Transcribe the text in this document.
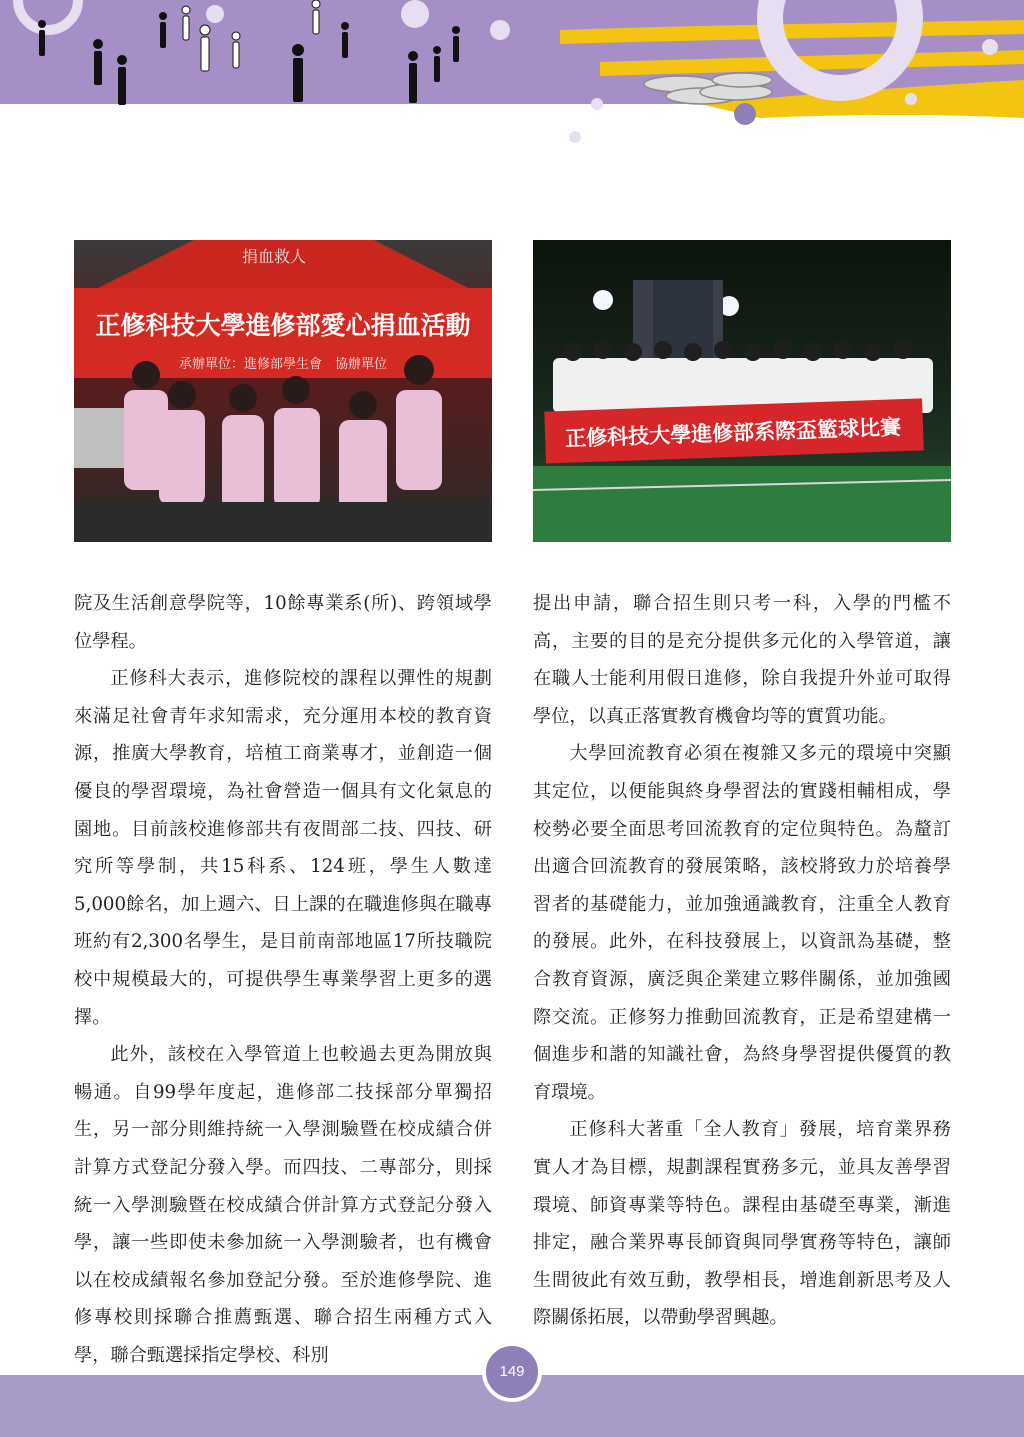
捐血救人
正修科技大學進修部愛心捐血活動
承辦單位：進修部學生會　協辦單位
正修科技大學進修部系際盃籃球比賽

院及生活創意學院等，10餘專業系(所)、跨領域學位學程。

正修科大表示，進修院校的課程以彈性的規劃來滿足社會青年求知需求，充分運用本校的教育資源，推廣大學教育，培植工商業專才，並創造一個優良的學習環境，為社會營造一個具有文化氣息的園地。目前該校進修部共有夜間部二技、四技、研究所等學制，共15科系、124班，學生人數達5,000餘名，加上週六、日上課的在職進修與在職專班約有2,300名學生，是目前南部地區17所技職院校中規模最大的，可提供學生專業學習上更多的選擇。

此外，該校在入學管道上也較過去更為開放與暢通。自99學年度起，進修部二技採部分單獨招生，另一部分則維持統一入學測驗暨在校成績合併計算方式登記分發入學。而四技、二專部分，則採統一入學測驗暨在校成績合併計算方式登記分發入學，讓一些即使未參加統一入學測驗者，也有機會以在校成績報名參加登記分發。至於進修學院、進修專校則採聯合推薦甄選、聯合招生兩種方式入學，聯合甄選採指定學校、科別

提出申請，聯合招生則只考一科，入學的門檻不高，主要的目的是充分提供多元化的入學管道，讓在職人士能利用假日進修，除自我提升外並可取得學位，以真正落實教育機會均等的實質功能。

大學回流教育必須在複雜又多元的環境中突顯其定位，以便能與終身學習法的實踐相輔相成，學校勢必要全面思考回流教育的定位與特色。為釐訂出適合回流教育的發展策略，該校將致力於培養學習者的基礎能力，並加強通識教育，注重全人教育的發展。此外，在科技發展上，以資訊為基礎，整合教育資源，廣泛與企業建立夥伴關係，並加強國際交流。正修努力推動回流教育，正是希望建構一個進步和諧的知識社會，為終身學習提供優質的教育環境。

正修科大著重「全人教育」發展，培育業界務實人才為目標，規劃課程實務多元，並具友善學習環境、師資專業等特色。課程由基礎至專業，漸進排定，融合業界專長師資與同學實務等特色，讓師生間彼此有效互動，教學相長，增進創新思考及人際關係拓展，以帶動學習興趣。

149
